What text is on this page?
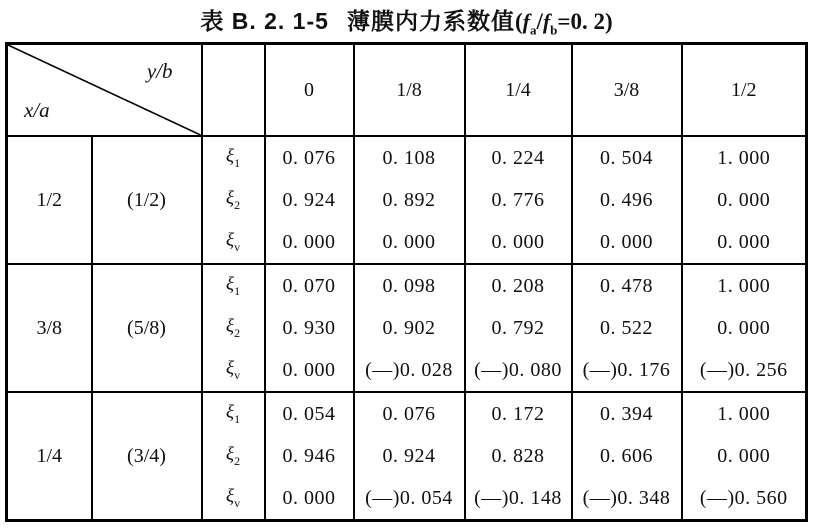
表 B. 2. 1-5 薄膜内力系数值($f_a/f_b=0$. 2)
y/b
x/a			0	1/8	1/4	3/8	1/2
1/2	(1/2)	$\xi_1$	0. 076	0. 108	0. 224	0. 504	1. 000
		$\xi_2$	0. 924	0. 892	0. 776	0. 496	0. 000
		$\xi_v$	0. 000	0. 000	0. 000	0. 000	0. 000
3/8	(5/8)	$\xi_1$	0. 070	0. 098	0. 208	0. 478	1. 000
		$\xi_2$	0. 930	0. 902	0. 792	0. 522	0. 000
		$\xi_v$	0. 000	(—)0. 028	(—)0. 080	(—)0. 176	(—)0. 256
1/4	(3/4)	$\xi_1$	0. 054	0. 076	0. 172	0. 394	1. 000
		$\xi_2$	0. 946	0. 924	0. 828	0. 606	0. 000
		$\xi_v$	0. 000	(—)0. 054	(—)0. 148	(—)0. 348	(—)0. 560
